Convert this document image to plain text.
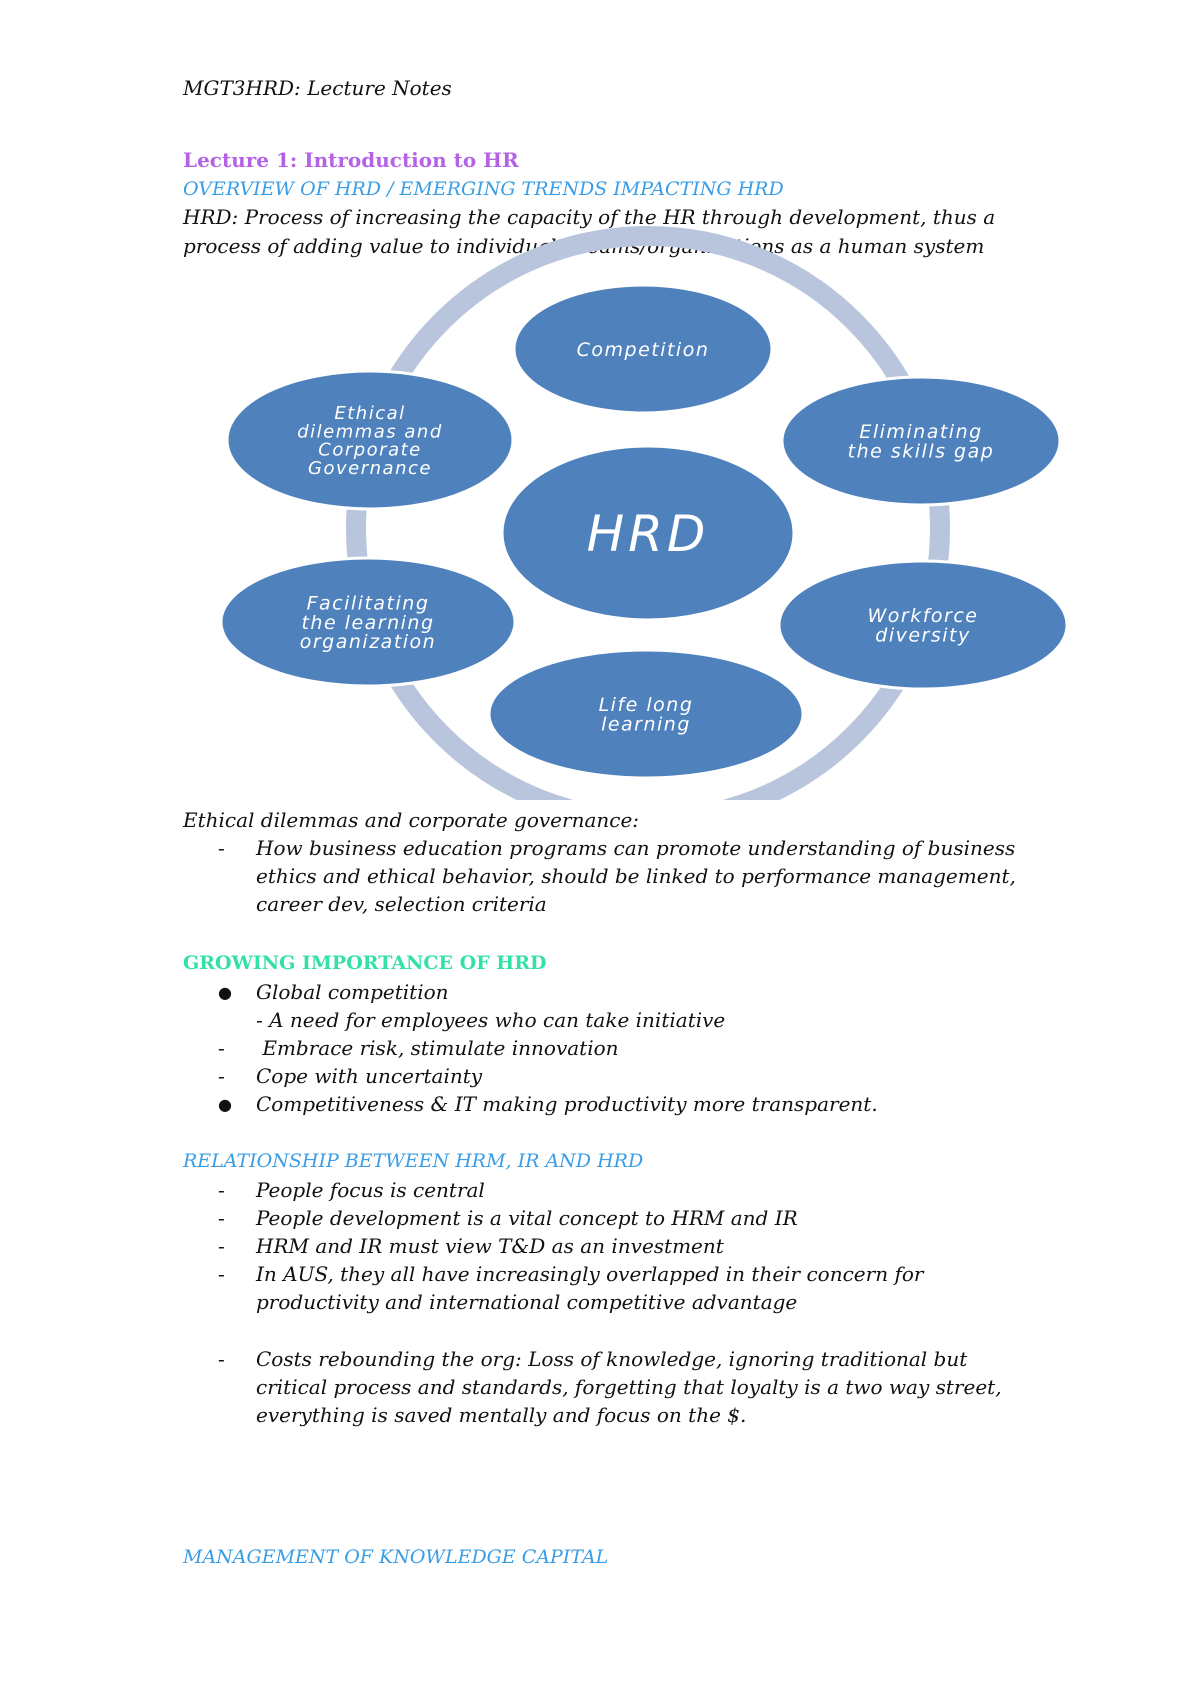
MGT3HRD: Lecture Notes

Lecture 1: Introduction to HR

OVERVIEW OF HRD / EMERGING TRENDS IMPACTING HRD

HRD: Process of increasing the capacity of the HR through development, thus a

process of adding value to individuals, teams/organisations as a human system

Competition
Eliminating
the skills gap
Workforce
diversity
Life long
learning
Facilitating
the learning
organization
Ethical
dilemmas and
Corporate
Governance
HRD

Ethical dilemmas and corporate governance:

- How business education programs can promote understanding of business
ethics and ethical behavior, should be linked to performance management,
career dev, selection criteria

GROWING IMPORTANCE OF HRD

● Global competition
- A need for employees who can take initiative
- Embrace risk, stimulate innovation
- Cope with uncertainty
● Competitiveness & IT making productivity more transparent.

RELATIONSHIP BETWEEN HRM, IR AND HRD

- People focus is central
- People development is a vital concept to HRM and IR
- HRM and IR must view T&D as an investment
- In AUS, they all have increasingly overlapped in their concern for
productivity and international competitive advantage
- Costs rebounding the org: Loss of knowledge, ignoring traditional but
critical process and standards, forgetting that loyalty is a two way street,
everything is saved mentally and focus on the $.

MANAGEMENT OF KNOWLEDGE CAPITAL
